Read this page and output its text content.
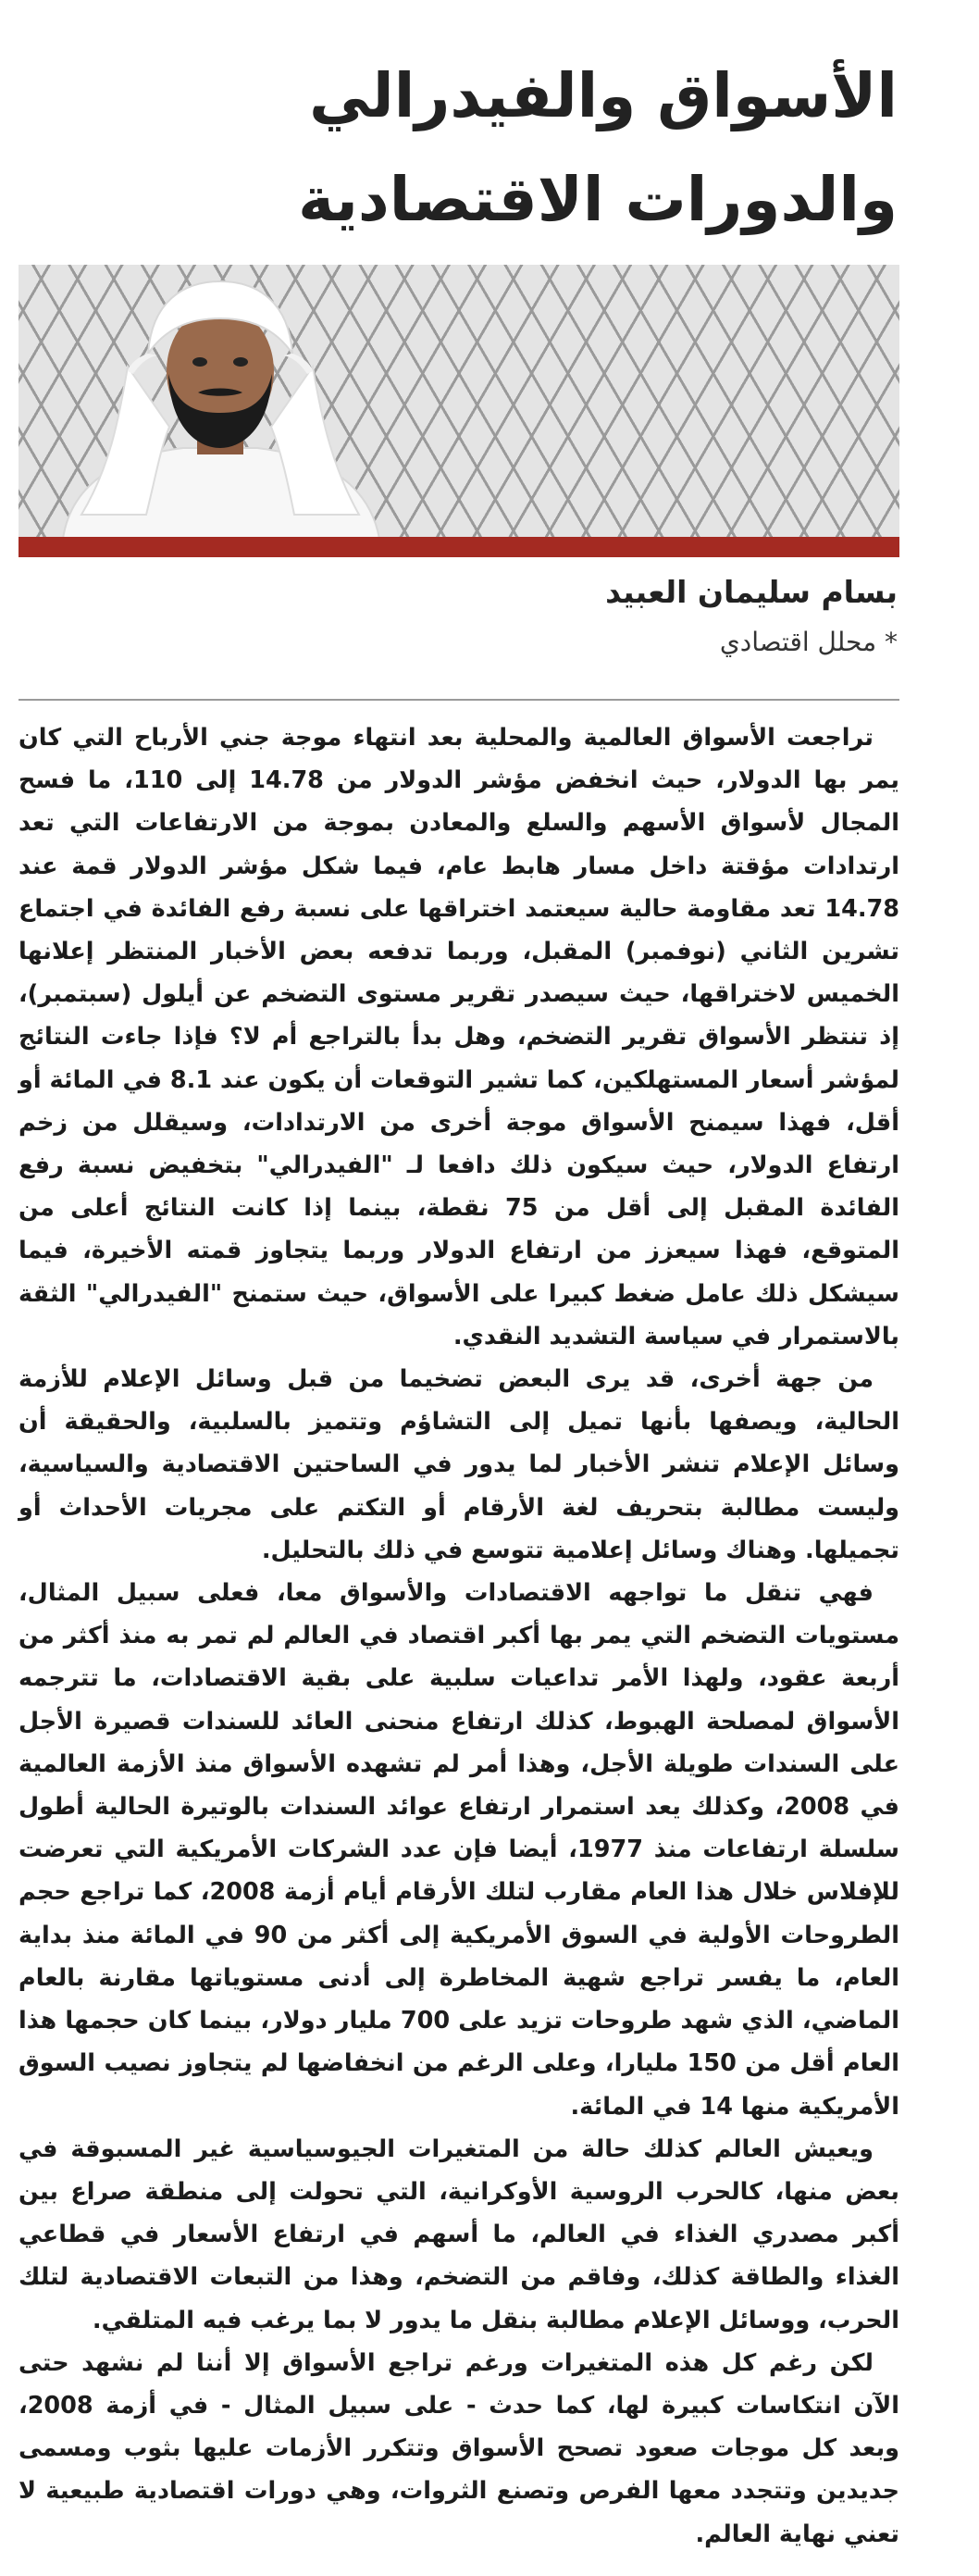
الأسواق والفيدرالي والدورات الاقتصادية
بسام سليمان العبيد
* محلل اقتصادي

تراجعت الأسواق العالمية والمحلية بعد انتهاء موجة جني الأرباح التي كان يمر بها الدولار، حيث انخفض مؤشر الدولار من 14.78 إلى 110، ما فسح المجال لأسواق الأسهم والسلع والمعادن بموجة من الارتفاعات التي تعد ارتدادات مؤقتة داخل مسار هابط عام، فيما شكل مؤشر الدولار قمة عند 14.78 تعد مقاومة حالية سيعتمد اختراقها على نسبة رفع الفائدة في اجتماع تشرين الثاني (نوفمبر) المقبل، وربما تدفعه بعض الأخبار المنتظر إعلانها الخميس لاختراقها، حيث سيصدر تقرير مستوى التضخم عن أيلول (سبتمبر)، إذ تنتظر الأسواق تقرير التضخم، وهل بدأ بالتراجع أم لا؟ فإذا جاءت النتائج لمؤشر أسعار المستهلكين، كما تشير التوقعات أن يكون عند 8.1 في المائة أو أقل، فهذا سيمنح الأسواق موجة أخرى من الارتدادات، وسيقلل من زخم ارتفاع الدولار، حيث سيكون ذلك دافعا لـ "الفيدرالي" بتخفيض نسبة رفع الفائدة المقبل إلى أقل من 75 نقطة، بينما إذا كانت النتائج أعلى من المتوقع، فهذا سيعزز من ارتفاع الدولار وربما يتجاوز قمته الأخيرة، فيما سيشكل ذلك عامل ضغط كبيرا على الأسواق، حيث ستمنح "الفيدرالي" الثقة بالاستمرار في سياسة التشديد النقدي.

من جهة أخرى، قد يرى البعض تضخيما من قبل وسائل الإعلام للأزمة الحالية، ويصفها بأنها تميل إلى التشاؤم وتتميز بالسلبية، والحقيقة أن وسائل الإعلام تنشر الأخبار لما يدور في الساحتين الاقتصادية والسياسية، وليست مطالبة بتحريف لغة الأرقام أو التكتم على مجريات الأحداث أو تجميلها. وهناك وسائل إعلامية تتوسع في ذلك بالتحليل.

فهي تنقل ما تواجهه الاقتصادات والأسواق معا، فعلى سبيل المثال، مستويات التضخم التي يمر بها أكبر اقتصاد في العالم لم تمر به منذ أكثر من أربعة عقود، ولهذا الأمر تداعيات سلبية على بقية الاقتصادات، ما تترجمه الأسواق لمصلحة الهبوط، كذلك ارتفاع منحنى العائد للسندات قصيرة الأجل على السندات طويلة الأجل، وهذا أمر لم تشهده الأسواق منذ الأزمة العالمية في 2008، وكذلك يعد استمرار ارتفاع عوائد السندات بالوتيرة الحالية أطول سلسلة ارتفاعات منذ 1977، أيضا فإن عدد الشركات الأمريكية التي تعرضت للإفلاس خلال هذا العام مقارب لتلك الأرقام أيام أزمة 2008، كما تراجع حجم الطروحات الأولية في السوق الأمريكية إلى أكثر من 90 في المائة منذ بداية العام، ما يفسر تراجع شهية المخاطرة إلى أدنى مستوياتها مقارنة بالعام الماضي، الذي شهد طروحات تزيد على 700 مليار دولار، بينما كان حجمها هذا العام أقل من 150 مليارا، وعلى الرغم من انخفاضها لم يتجاوز نصيب السوق الأمريكية منها 14 في المائة.

ويعيش العالم كذلك حالة من المتغيرات الجيوسياسية غير المسبوقة في بعض منها، كالحرب الروسية الأوكرانية، التي تحولت إلى منطقة صراع بين أكبر مصدري الغذاء في العالم، ما أسهم في ارتفاع الأسعار في قطاعي الغذاء والطاقة كذلك، وفاقم من التضخم، وهذا من التبعات الاقتصادية لتلك الحرب، ووسائل الإعلام مطالبة بنقل ما يدور لا بما يرغب فيه المتلقي.

لكن رغم كل هذه المتغيرات ورغم تراجع الأسواق إلا أننا لم نشهد حتى الآن انتكاسات كبيرة لها، كما حدث - على سبيل المثال - في أزمة 2008، وبعد كل موجات صعود تصحح الأسواق وتتكرر الأزمات عليها بثوب ومسمى جديدين وتتجدد معها الفرص وتصنع الثروات، وهي دورات اقتصادية طبيعية لا تعني نهاية العالم.
